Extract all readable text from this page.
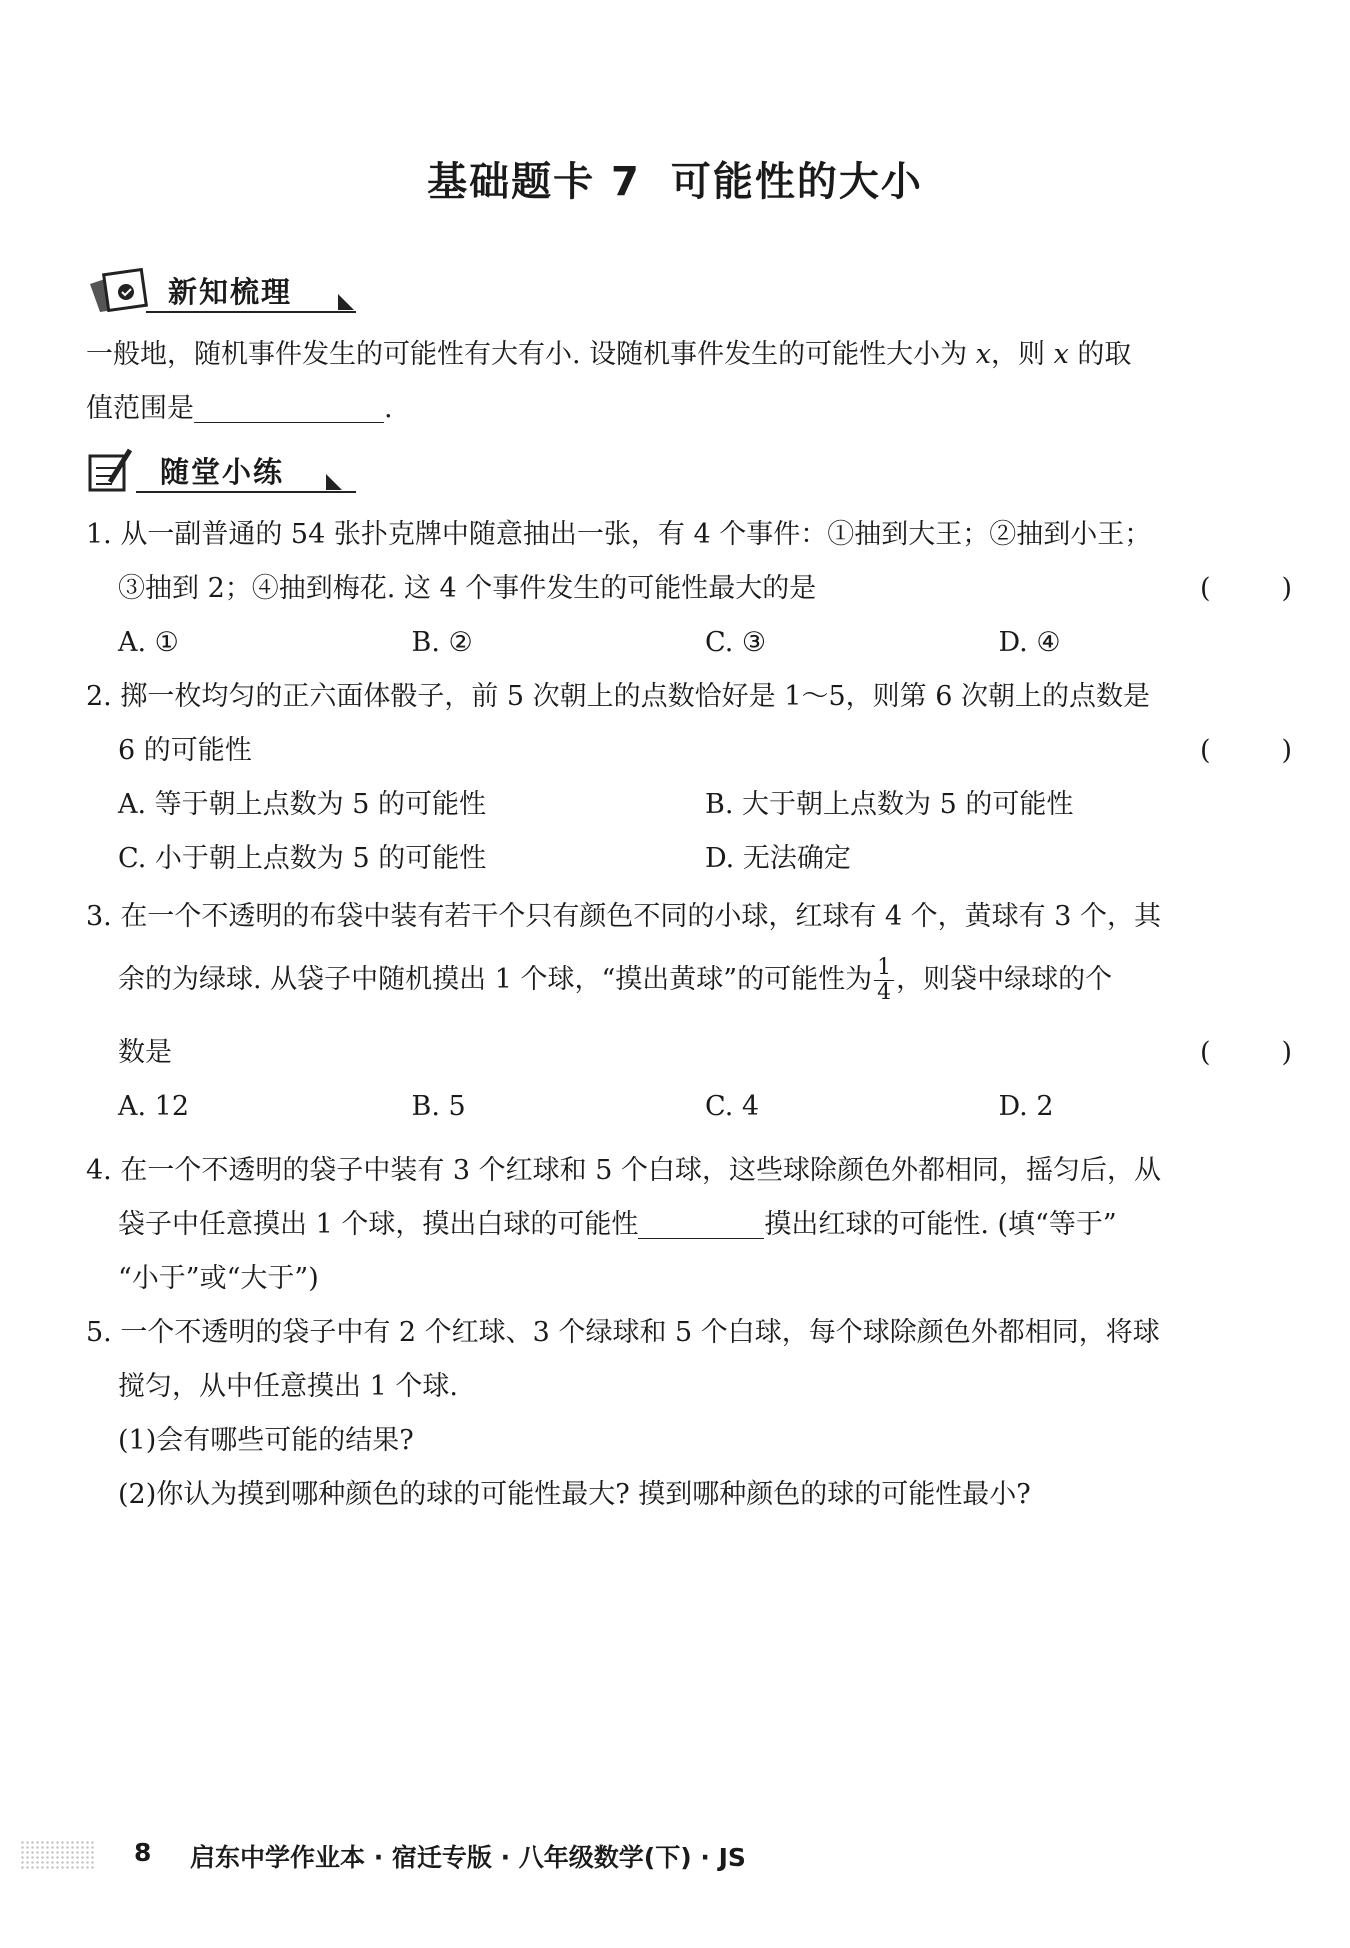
基础题卡 7 可能性的大小
新知梳理
一般地，随机事件发生的可能性有大有小. 设随机事件发生的可能性大小为 x，则 x 的取
值范围是	.
随堂小练
1. 从一副普通的 54 张扑克牌中随意抽出一张，有 4 个事件：①抽到大王；②抽到小王；
③抽到 2；④抽到梅花. 这 4 个事件发生的可能性最大的是	(	)
A. ①	B. ②	C. ③	D. ④
2. 掷一枚均匀的正六面体骰子，前 5 次朝上的点数恰好是 1～5，则第 6 次朝上的点数是
6 的可能性	(	)
A. 等于朝上点数为 5 的可能性	B. 大于朝上点数为 5 的可能性
C. 小于朝上点数为 5 的可能性	D. 无法确定
3. 在一个不透明的布袋中装有若干个只有颜色不同的小球，红球有 4 个，黄球有 3 个，其
余的为绿球. 从袋子中随机摸出 1 个球，“摸出黄球”的可能性为 $\frac{1}{4}$ ，则袋中绿球的个
数是	(	)
A. 12	B. 5	C. 4	D. 2
4. 在一个不透明的袋子中装有 3 个红球和 5 个白球，这些球除颜色外都相同，摇匀后，从
袋子中任意摸出 1 个球，摸出白球的可能性	摸出红球的可能性. (填“等于”
“小于”或“大于”)
5. 一个不透明的袋子中有 2 个红球、3 个绿球和 5 个白球，每个球除颜色外都相同，将球
搅匀，从中任意摸出 1 个球.
(1)会有哪些可能的结果?
(2)你认为摸到哪种颜色的球的可能性最大? 摸到哪种颜色的球的可能性最小?
8 启东中学作业本 · 宿迁专版 · 八年级数学(下) · JS
